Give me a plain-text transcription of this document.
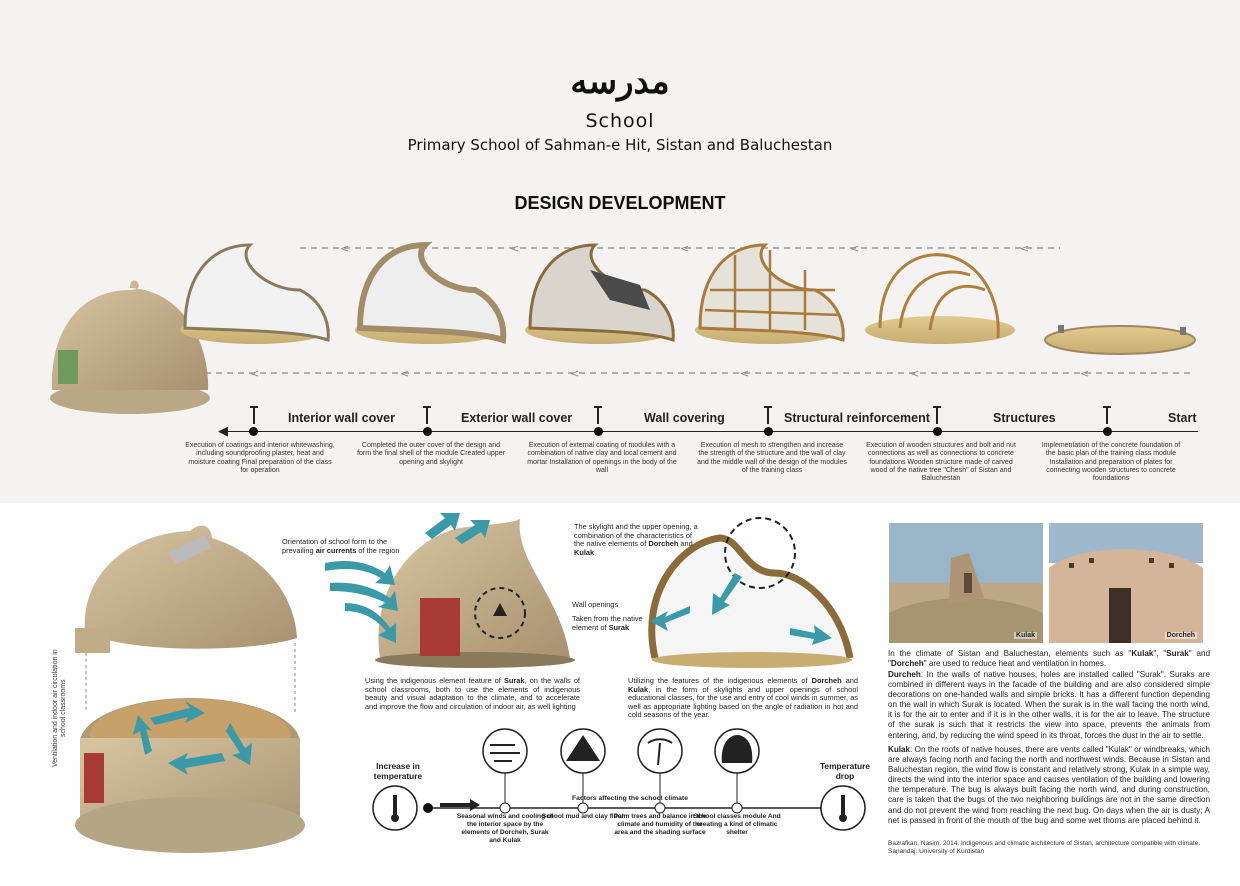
مدرسه
School
Primary School of Sahman-e Hit, Sistan and Baluchestan
DESIGN DEVELOPMENT
<	<	<	<	<
<	<	<	<	<	<
◀
Interior wall cover	Exterior wall cover	Wall covering	Structural reinforcement	Structures	Start
Execution of coatings and interior whitewashing, including soundproofing plaster, heat and moisture coating Final preparation of the class for operation
Completed the outer cover of the design and form the final shell of the module Created upper opening and skylight
Execution of external coating of modules with a combination of native clay and local cement and mortar Installation of openings in the body of the wall
Execution of mesh to strengthen and increase the strength of the structure and the wall of clay and the middle wall of the design of the modules of the training class
Execution of wooden structures and bolt and nut connections as well as connections to concrete foundations Wooden structure made of carved wood of the native tree "Chesh" of Sistan and Baluchestan
Implementation of the concrete foundation of the basic plan of the training class module Installation and preparation of plates for connecting wooden structures to concrete foundations
Ventilation and indoor air circulation in school classrooms
Orientation of school form to the prevailing air currents of the region
Wall openings
Taken from the native element of Surak
The skylight and the upper opening, a combination of the characteristics of the native elements of Dorcheh and Kulak
Using the indigenous element feature of Surak, on the walls of school classrooms, both to use the elements of indigenous beauty and visual adaptation to the climate, and to accelerate and improve the flow and circulation of indoor air, as well lighting
Utilizing the features of the indigenous elements of Dorcheh and Kulak, in the form of skylights and upper openings of school educational classes, for the use and entry of cool winds in summer, as well as appropriate lighting based on the angle of radiation in hot and cold seasons of the year.
Increase in temperature
Temperature drop
Factors affecting the school climate
Seasonal winds and cooling of the interior space by the elements of Dorcheh, Surak and Kulak
School mud and clay floor
Palm trees and balance in the climate and humidity of the area and the shading surface
School classes module And creating a kind of climatic shelter
Kulak	Dorcheh
In the climate of Sistan and Baluchestan, elements such as "Kulak", "Surak" and "Dorcheh" are used to reduce heat and ventilation in homes.
Durcheh: In the walls of native houses, holes are installed called "Surak". Suraks are combined in different ways in the facade of the building and are also considered simple decorations on one-handed walls and simple bricks. It has a different function depending on the wall in which Surak is located. When the surak is in the wall facing the north wind, it is for the air to enter and if it is in the other walls, it is for the air to leave. The structure of the surak is such that it restricts the view into space, prevents the animals from entering, and, by reducing the wind speed in its throat, forces the dust in the air to settle.
Kulak: On the roofs of native houses, there are vents called "Kulak" or windbreaks, which are always facing north and facing the north and northwest winds. Because in Sistan and Baluchestan region, the wind flow is constant and relatively strong, Kulak in a simple way, directs the wind into the interior space and causes ventilation of the building and lowering the temperature. The bug is always built facing the north wind, and during construction, care is taken that the bugs of the two neighboring buildings are not in the same direction and do not prevent the wind from reaching the next bug. On days when the air is dusty; A net is passed in front of the mouth of the bug and some wet thorns are placed behind it.
Bazrafkan, Nasim. 2014. Indigenous and climatic architecture of Sistan, architecture compatible with climate. Sanandaj: University of Kurdistan
